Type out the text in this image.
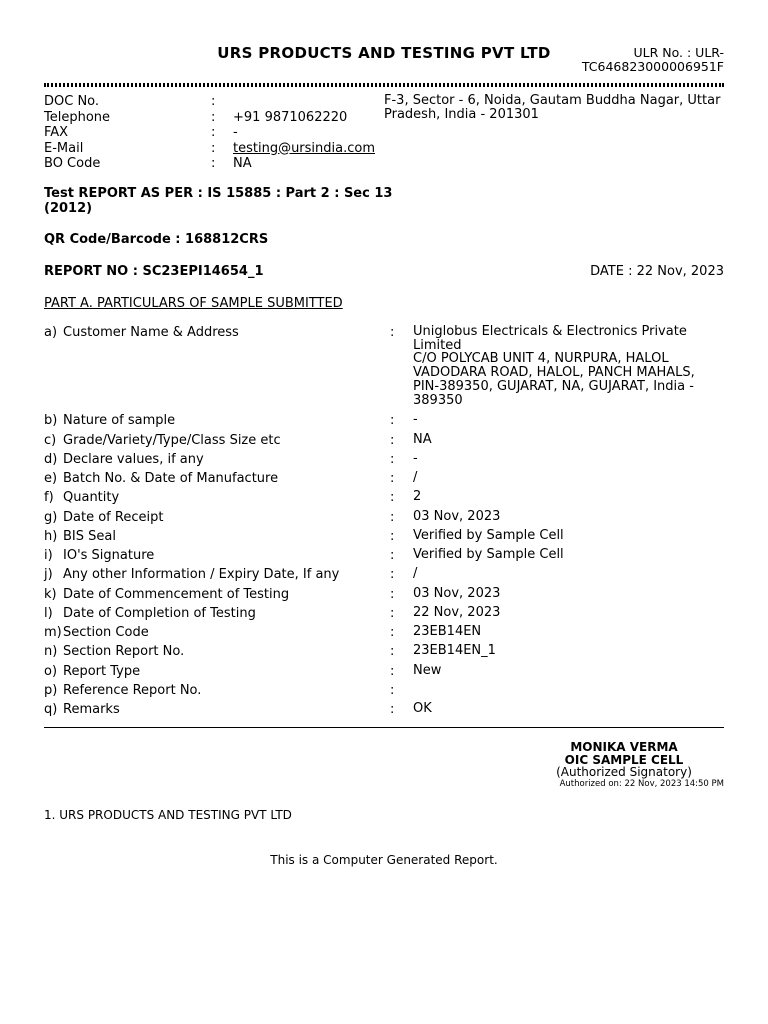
URS PRODUCTS AND TESTING PVT LTD	ULR No. : ULR-
TC646823000006951F
DOC No.	:
Telephone	: +91 9871062220
FAX	: -
E-Mail	: testing@ursindia.com
BO Code	: NA
F-3, Sector - 6, Noida, Gautam Buddha Nagar, Uttar
Pradesh, India - 201301
Test REPORT AS PER : IS 15885 : Part 2 : Sec 13
(2012)
QR Code/Barcode : 168812CRS
REPORT NO : SC23EPI14654_1	DATE : 22 Nov, 2023
PART A. PARTICULARS OF SAMPLE SUBMITTED
a) Customer Name & Address	: Uniglobus Electricals & Electronics Private
Limited
C/O POLYCAB UNIT 4, NURPURA, HALOL
VADODARA ROAD, HALOL, PANCH MAHALS,
PIN-389350, GUJARAT, NA, GUJARAT, India -
389350
b) Nature of sample	: -
c) Grade/Variety/Type/Class Size etc	: NA
d) Declare values, if any	: -
e) Batch No. & Date of Manufacture	: /
f) Quantity	: 2
g) Date of Receipt	: 03 Nov, 2023
h) BIS Seal	: Verified by Sample Cell
i) IO's Signature	: Verified by Sample Cell
j) Any other Information / Expiry Date, If any	: /
k) Date of Commencement of Testing	: 03 Nov, 2023
l) Date of Completion of Testing	: 22 Nov, 2023
m) Section Code	: 23EB14EN
n) Section Report No.	: 23EB14EN_1
o) Report Type	: New
p) Reference Report No.	:
q) Remarks	: OK
MONIKA VERMA
OIC SAMPLE CELL
(Authorized Signatory)
Authorized on: 22 Nov, 2023 14:50 PM
1. URS PRODUCTS AND TESTING PVT LTD
This is a Computer Generated Report.
